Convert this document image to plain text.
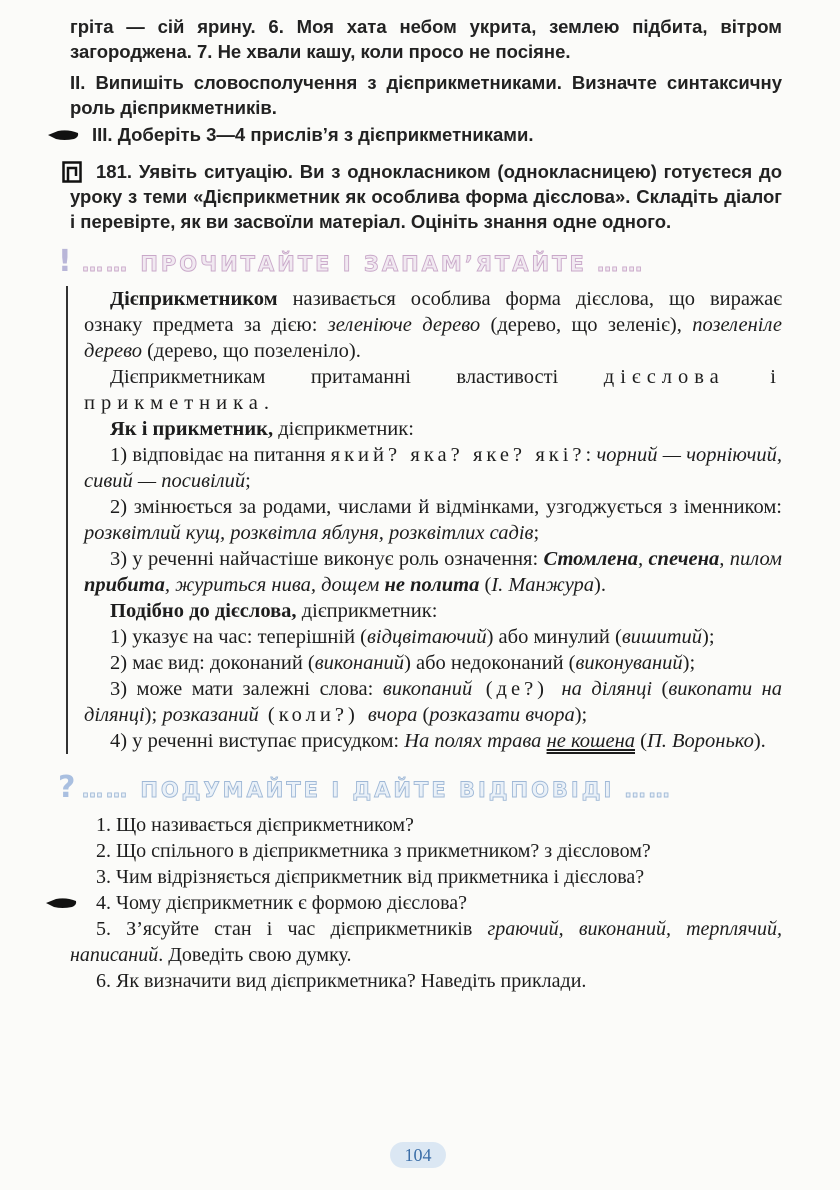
гріта — сій ярину. 6. Моя хата небом укрита, землею підбита, вітром загороджена. 7. Не хвали кашу, коли просо не посіяне.

II. Випишіть словосполучення з дієприкметниками. Визначте синтаксичну роль дієприкметників.

III. Доберіть 3—4 прислів’я з дієприкметниками.

181. Уявіть ситуацію. Ви з однокласником (однокласницею) готуєтеся до уроку з теми «Дієприкметник як особлива форма дієслова». Складіть діалог і перевірте, як ви засвоїли матеріал. Оцініть знання одне одного.

! …… ПРОЧИТАЙТЕ І ЗАПАМ’ЯТАЙТЕ ……

Дієприкметником називається особлива форма дієслова, що виражає ознаку предмета за дією: зеленіюче дерево (дерево, що зеленіє), позеленіле дерево (дерево, що позеленіло).

Дієприкметникам притаманні властивості дієслова і прикметника.

Як і прикметник, дієприкметник:

1) відповідає на питання який? яка? яке? які?: чорний — чорніючий, сивий — посивілий;

2) змінюється за родами, числами й відмінками, узгоджується з іменником: розквітлий кущ, розквітла яблуня, розквітлих садів;

3) у реченні найчастіше виконує роль означення: Стомлена, спечена, пилом прибита, журиться нива, дощем не полита (І. Манжура).

Подібно до дієслова, дієприкметник:

1) указує на час: теперішній (відцвітаючий) або минулий (вишитий);

2) має вид: доконаний (виконаний) або недоконаний (виконуваний);

3) може мати залежні слова: викопаний (де?) на ділянці (викопати на ділянці); розказаний (коли?) вчора (розказати вчора);

4) у реченні виступає присудком: На полях трава не кошена (П. Воронько).

? …… ПОДУМАЙТЕ І ДАЙТЕ ВІДПОВІДІ ……

1. Що називається дієприкметником?

2. Що спільного в дієприкметника з прикметником? з дієсловом?

3. Чим відрізняється дієприкметник від прикметника і дієслова?

4. Чому дієприкметник є формою дієслова?

5. З’ясуйте стан і час дієприкметників граючий, виконаний, терплячий, написаний. Доведіть свою думку.

6. Як визначити вид дієприкметника? Наведіть приклади.

104
